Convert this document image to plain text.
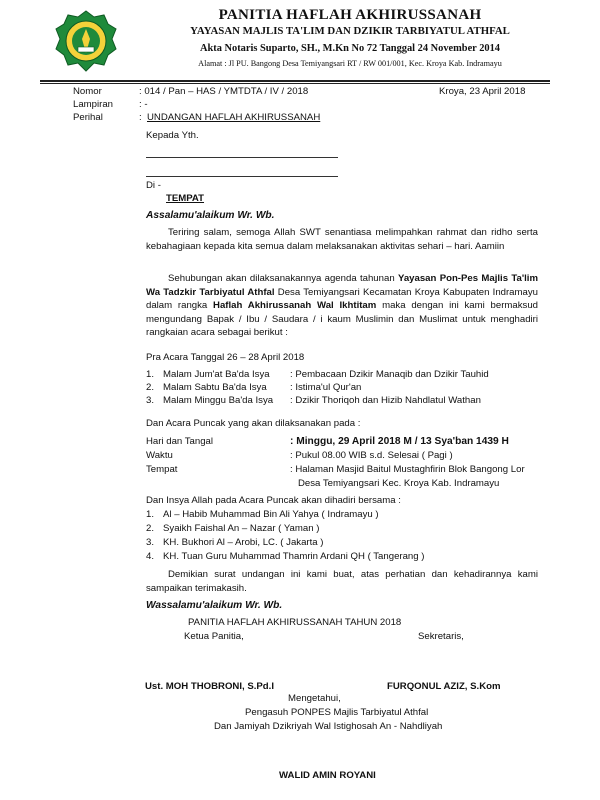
PANITIA HAFLAH AKHIRUSSANAH
YAYASAN MAJLIS TA'LIM DAN DZIKIR TARBIYATUL ATHFAL
Akta Notaris Suparto, SH., M.Kn No 72 Tanggal 24 November 2014
Alamat : Jl PU. Bangong Desa Temiyangsari RT / RW 001/001, Kec. Kroya Kab. Indramayu
Nomor	: 014 / Pan – HAS / YMTDTA / IV / 2018	Kroya, 23 April 2018
Lampiran	: -
Perihal	: UNDANGAN HAFLAH AKHIRUSSANAH
Kepada Yth.
Di -
TEMPAT
Assalamu'alaikum Wr. Wb.
Teriring salam, semoga Allah SWT senantiasa melimpahkan rahmat dan ridho serta kebahagiaan kepada kita semua dalam melaksanakan aktivitas sehari – hari. Aamiin
Sehubungan akan dilaksanakannya agenda tahunan Yayasan Pon-Pes Majlis Ta'lim Wa Tadzkir Tarbiyatul Athfal Desa Temiyangsari Kecamatan Kroya Kabupaten Indramayu dalam rangka Haflah Akhirussanah Wal Ikhtitam maka dengan ini kami bermaksud mengundang Bapak / Ibu / Saudara / i kaum Muslimin dan Muslimat untuk menghadiri rangkaian acara sebagai berikut :
Pra Acara Tanggal 26 – 28 April 2018
1. Malam Jum'at Ba'da Isya : Pembacaan Dzikir Manaqib dan Dzikir Tauhid
2. Malam Sabtu Ba'da Isya : Istima'ul Qur'an
3. Malam Minggu Ba'da Isya : Dzikir Thoriqoh dan Hizib Nahdlatul Wathan
Dan Acara Puncak yang akan dilaksanakan pada :
Hari dan Tangal	: Minggu, 29 April 2018 M / 13 Sya'ban 1439 H
Waktu	: Pukul 08.00 WIB s.d. Selesai ( Pagi )
Tempat	: Halaman Masjid Baitul Mustaghfirin Blok Bangong Lor
Desa Temiyangsari Kec. Kroya Kab. Indramayu
Dan Insya Allah pada Acara Puncak akan dihadiri bersama :
1. Al – Habib Muhammad Bin Ali Yahya ( Indramayu )
2. Syaikh Faishal An – Nazar ( Yaman )
3. KH. Bukhori Al – Arobi, LC. ( Jakarta )
4. KH. Tuan Guru Muhammad Thamrin Ardani QH ( Tangerang )
Demikian surat undangan ini kami buat, atas perhatian dan kehadirannya kami sampaikan terimakasih.
Wassalamu'alaikum Wr. Wb.
PANITIA HAFLAH AKHIRUSSANAH TAHUN 2018
Ketua Panitia,	Sekretaris,
Ust. MOH THOBRONI, S.Pd.I	FURQONUL AZIZ, S.Kom
Mengetahui,
Pengasuh PONPES Majlis Tarbiyatul Athfal
Dan Jamiyah Dzikriyah Wal Istighosah An - Nahdliyah
WALID AMIN ROYANI
